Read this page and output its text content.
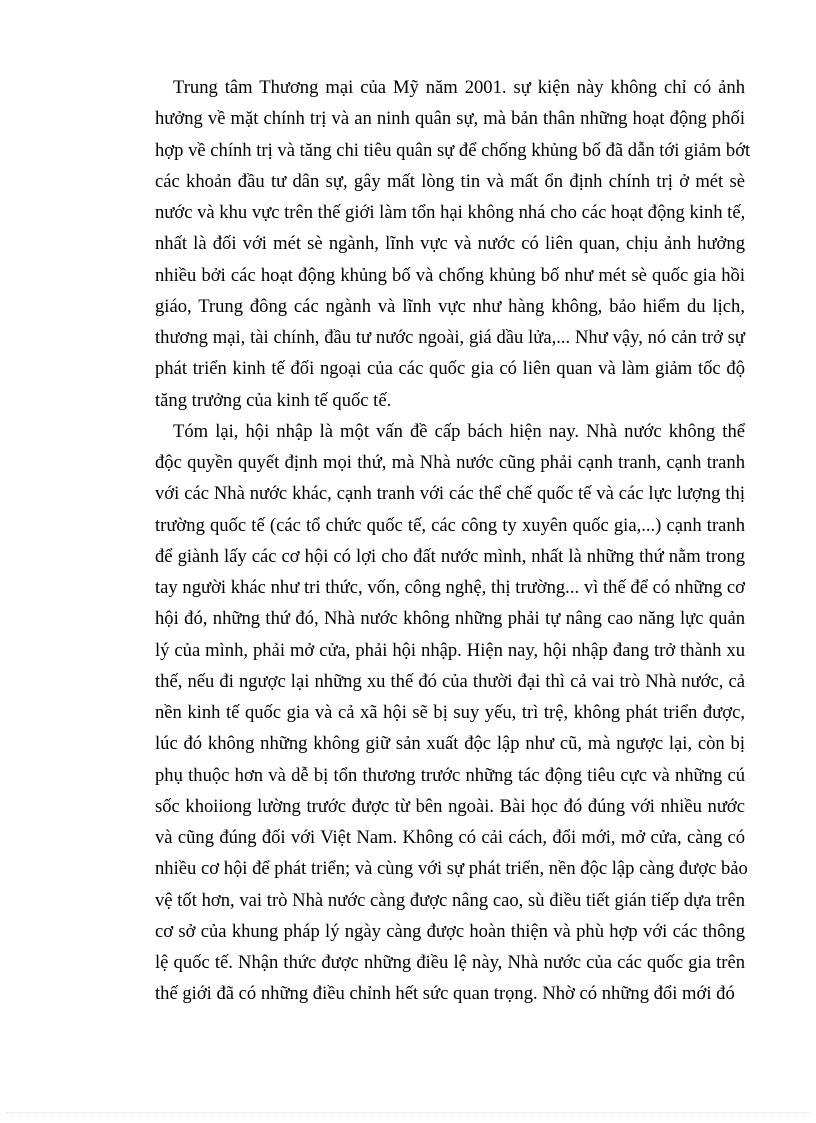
Trung tâm Thương mại của Mỹ năm 2001. sự kiện này không chỉ có ảnh
hưởng về mặt chính trị và an ninh quân sự, mà bản thân những hoạt động phối
hợp về chính trị và tăng chi tiêu quân sự để chống khủng bố đã dẫn tới giảm bớt
các khoản đầu tư dân sự, gây mất lòng tin và mất ổn định chính trị ở mét sè
nước và khu vực trên thế giới làm tổn hại không nhá cho các hoạt động kinh tế,
nhất là đối với mét sè ngành, lĩnh vực và nước có liên quan, chịu ảnh hưởng
nhiều bởi các hoạt động khủng bố và chống khủng bố như mét sè quốc gia hồi
giáo, Trung đông các ngành và lĩnh vực như hàng không, bảo hiểm du lịch,
thương mại, tài chính, đầu tư nước ngoài, giá dầu lửa,... Như vậy, nó cản trở sự
phát triển kinh tế đối ngoại của các quốc gia có liên quan và làm giảm tốc độ
tăng trưởng của kinh tế quốc tế.
Tóm lại, hội nhập là một vấn đề cấp bách hiện nay. Nhà nước không thể
độc quyền quyết định mọi thứ, mà Nhà nước cũng phải cạnh tranh, cạnh tranh
với các Nhà nước khác, cạnh tranh với các thể chế quốc tế và các lực lượng thị
trường quốc tế (các tổ chức quốc tế, các công ty xuyên quốc gia,...) cạnh tranh
để giành lấy các cơ hội có lợi cho đất nước mình, nhất là những thứ nằm trong
tay người khác như tri thức, vốn, công nghệ, thị trường... vì thế để có những cơ
hội đó, những thứ đó, Nhà nước không những phải tự nâng cao năng lực quản
lý của mình, phải mở cửa, phải hội nhập. Hiện nay, hội nhập đang trở thành xu
thế, nếu đi ngược lại những xu thế đó của thười đại thì cả vai trò Nhà nước, cả
nền kinh tế quốc gia và cả xã hội sẽ bị suy yếu, trì trệ, không phát triển được,
lúc đó không những không giữ sản xuất độc lập như cũ, mà ngược lại, còn bị
phụ thuộc hơn và dễ bị tổn thương trước những tác động tiêu cực và những cú
sốc khoiiong lường trước được từ bên ngoài. Bài học đó đúng với nhiều nước
và cũng đúng đối với Việt Nam. Không có cải cách, đổi mới, mở cửa, càng có
nhiều cơ hội để phát triển; và cùng với sự phát triển, nền độc lập càng được bảo
vệ tốt hơn, vai trò Nhà nước càng được nâng cao, sù điều tiết gián tiếp dựa trên
cơ sở của khung pháp lý ngày càng được hoàn thiện và phù hợp với các thông
lệ quốc tế. Nhận thức được những điều lệ này, Nhà nước của các quốc gia trên
thế giới đã có những điều chỉnh hết sức quan trọng. Nhờ có những đổi mới đó
